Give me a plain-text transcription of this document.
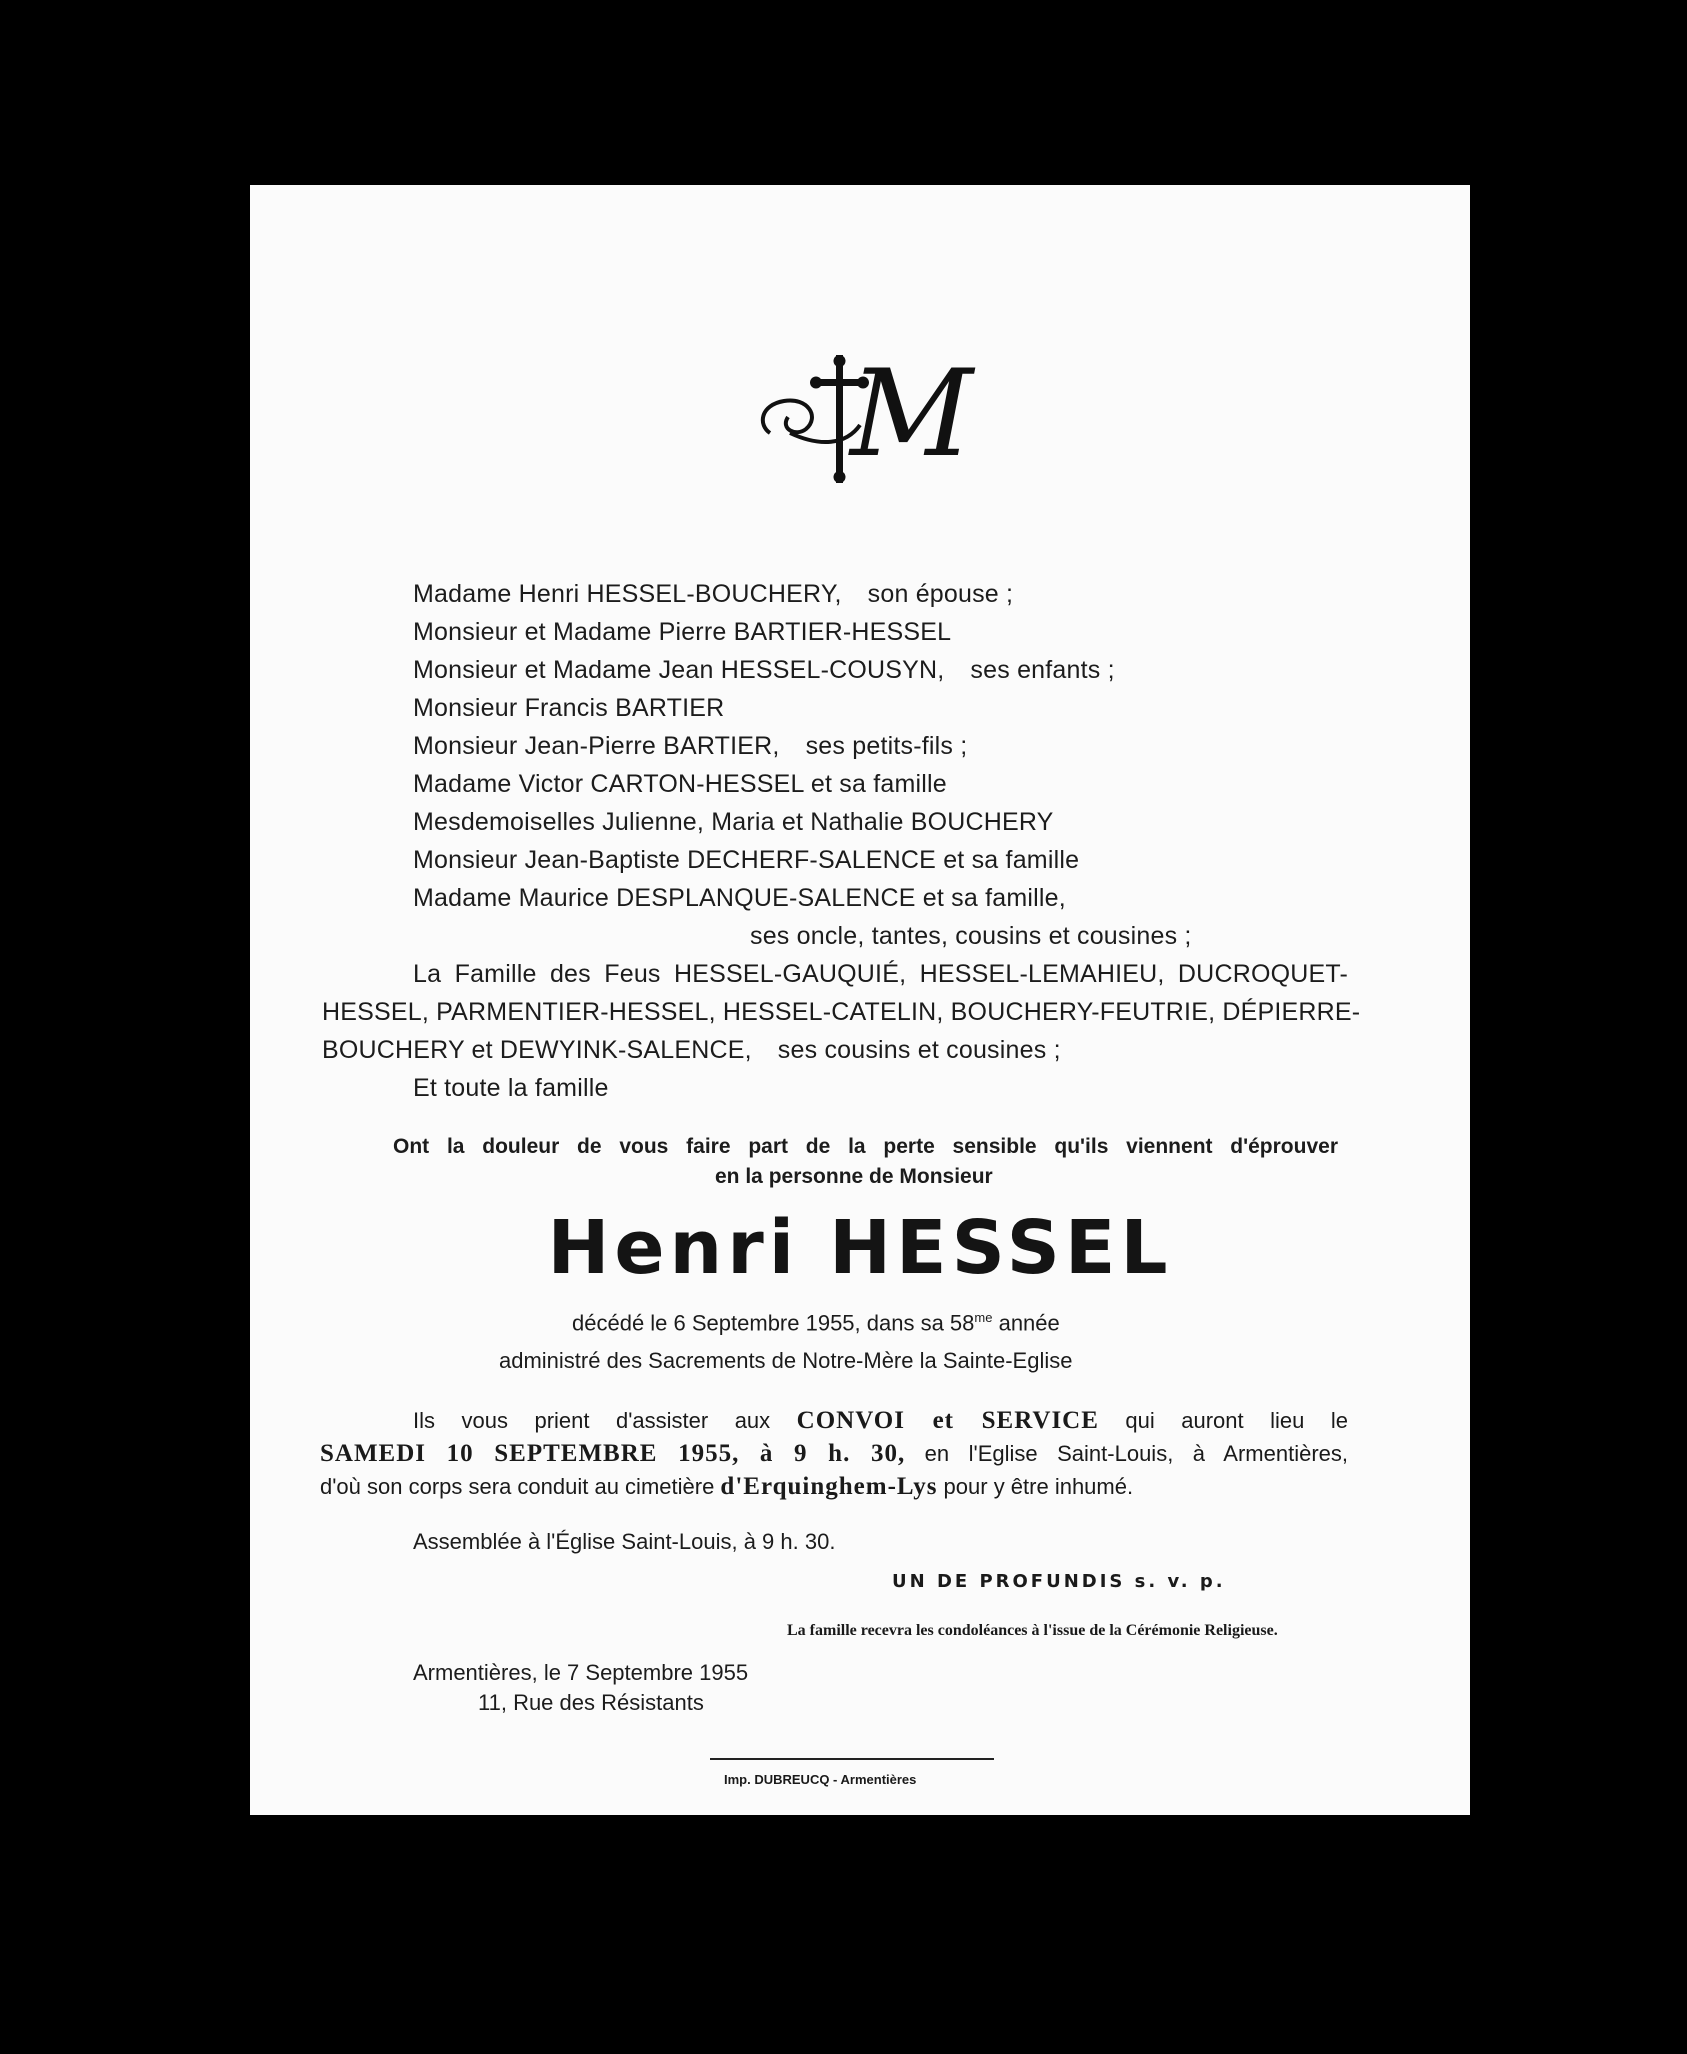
M
Madame Henri HESSEL-BOUCHERY, son épouse ;
Monsieur et Madame Pierre BARTIER-HESSEL
Monsieur et Madame Jean HESSEL-COUSYN, ses enfants ;
Monsieur Francis BARTIER
Monsieur Jean-Pierre BARTIER, ses petits-fils ;
Madame Victor CARTON-HESSEL et sa famille
Mesdemoiselles Julienne, Maria et Nathalie BOUCHERY
Monsieur Jean-Baptiste DECHERF-SALENCE et sa famille
Madame Maurice DESPLANQUE-SALENCE et sa famille,
ses oncle, tantes, cousins et cousines ;
La Famille des Feus HESSEL-GAUQUIÉ, HESSEL-LEMAHIEU, DUCROQUET-
HESSEL, PARMENTIER-HESSEL, HESSEL-CATELIN, BOUCHERY-FEUTRIE, DÉPIERRE-
BOUCHERY et DEWYINK-SALENCE, ses cousins et cousines ;
Et toute la famille
Ont la douleur de vous faire part de la perte sensible qu'ils viennent d'éprouver
en la personne de Monsieur
Henri HESSEL
décédé le 6 Septembre 1955, dans sa $58^{me}$ année
administré des Sacrements de Notre-Mère la Sainte-Eglise
Ils vous prient d'assister aux CONVOI et SERVICE qui auront lieu le
SAMEDI 10 SEPTEMBRE 1955, à 9 h. 30, en l'Eglise Saint-Louis, à Armentières,
d'où son corps sera conduit au cimetière d'Erquinghem-Lys pour y être inhumé.
Assemblée à l'Église Saint-Louis, à 9 h. 30.
UN DE PROFUNDIS s. v. p.
La famille recevra les condoléances à l'issue de la Cérémonie Religieuse.
Armentières, le 7 Septembre 1955
11, Rue des Résistants
Imp. DUBREUCQ - Armentières
